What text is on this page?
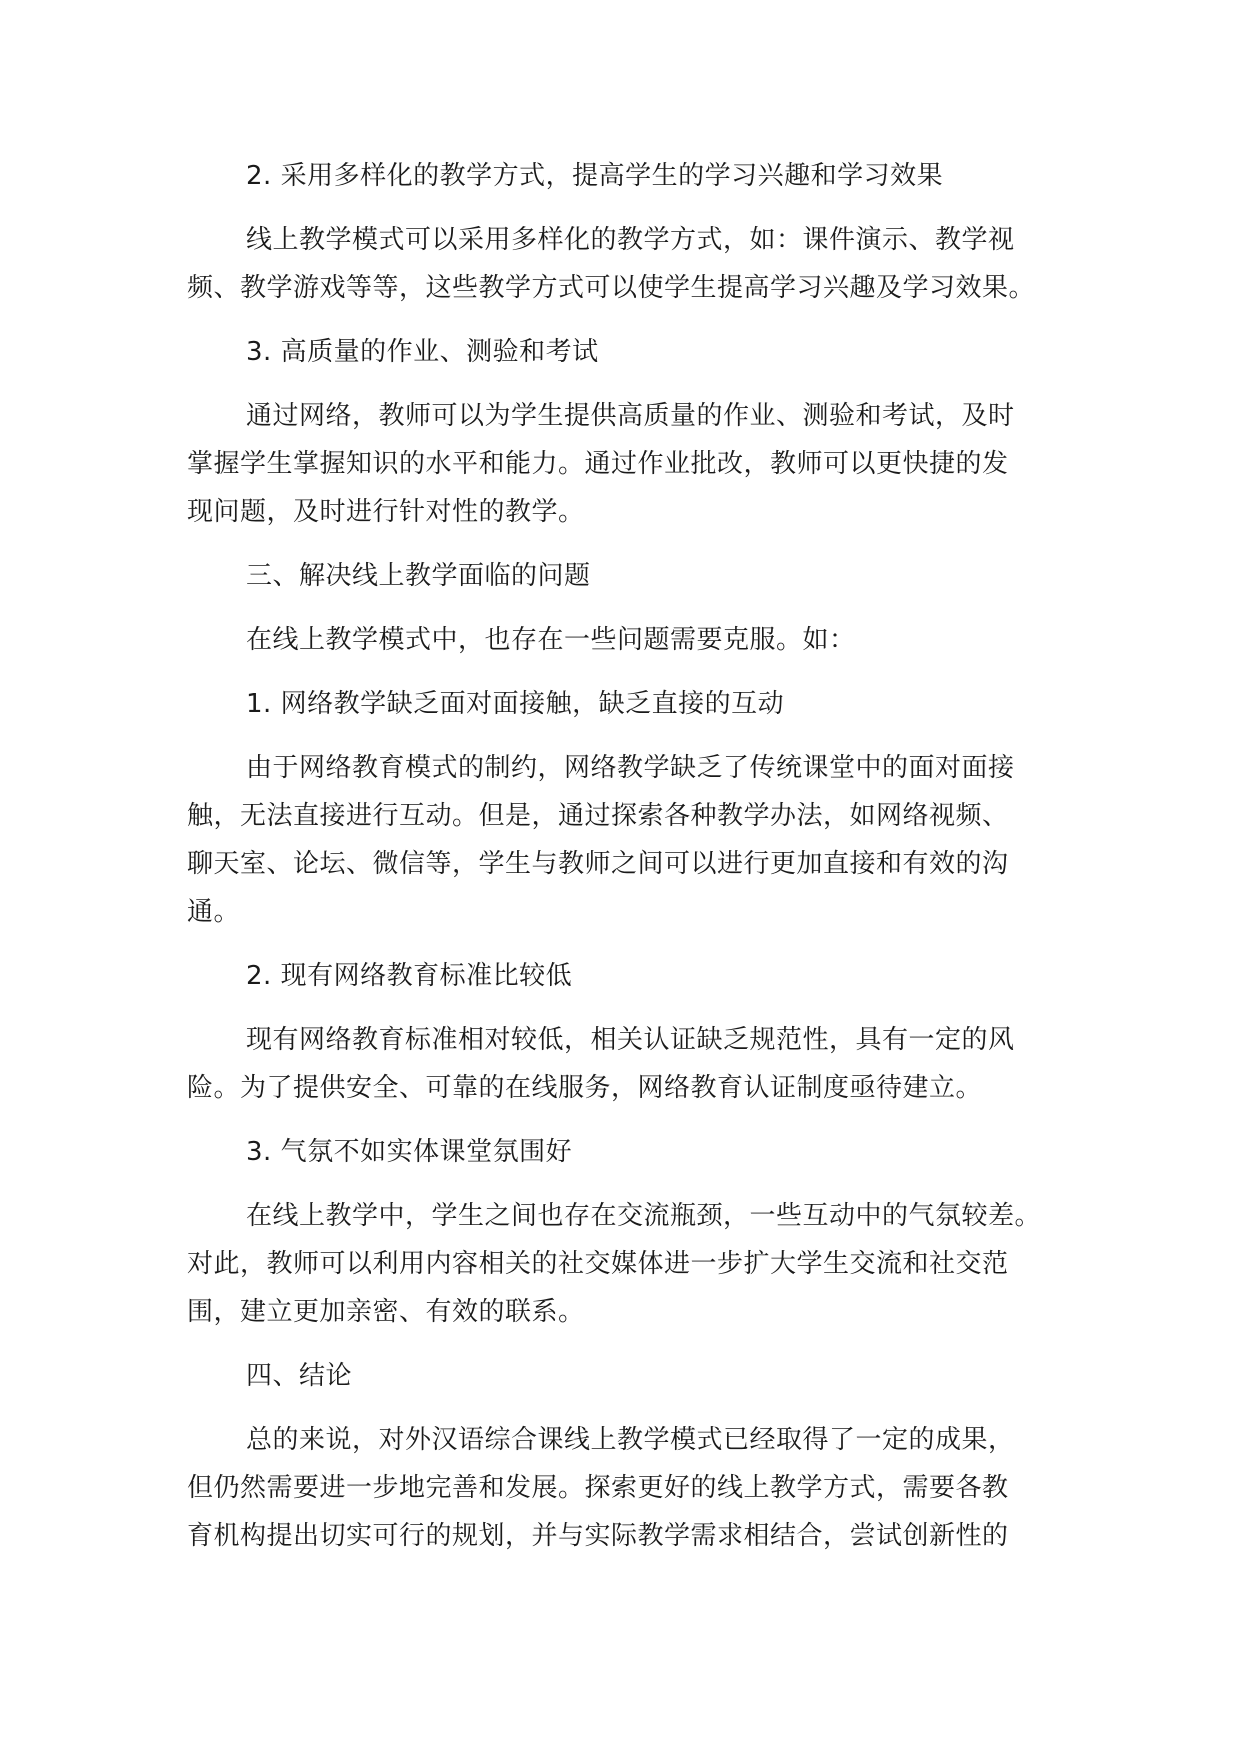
2. 采用多样化的教学方式，提高学生的学习兴趣和学习效果
线上教学模式可以采用多样化的教学方式，如：课件演示、教学视
频、教学游戏等等，这些教学方式可以使学生提高学习兴趣及学习效果。
3. 高质量的作业、测验和考试
通过网络，教师可以为学生提供高质量的作业、测验和考试，及时
掌握学生掌握知识的水平和能力。通过作业批改，教师可以更快捷的发
现问题，及时进行针对性的教学。
三、解决线上教学面临的问题
在线上教学模式中，也存在一些问题需要克服。如：
1. 网络教学缺乏面对面接触，缺乏直接的互动
由于网络教育模式的制约，网络教学缺乏了传统课堂中的面对面接
触，无法直接进行互动。但是，通过探索各种教学办法，如网络视频、
聊天室、论坛、微信等，学生与教师之间可以进行更加直接和有效的沟
通。
2. 现有网络教育标准比较低
现有网络教育标准相对较低，相关认证缺乏规范性，具有一定的风
险。为了提供安全、可靠的在线服务，网络教育认证制度亟待建立。
3. 气氛不如实体课堂氛围好
在线上教学中，学生之间也存在交流瓶颈，一些互动中的气氛较差。
对此，教师可以利用内容相关的社交媒体进一步扩大学生交流和社交范
围，建立更加亲密、有效的联系。
四、结论
总的来说，对外汉语综合课线上教学模式已经取得了一定的成果，
但仍然需要进一步地完善和发展。探索更好的线上教学方式，需要各教
育机构提出切实可行的规划，并与实际教学需求相结合，尝试创新性的
